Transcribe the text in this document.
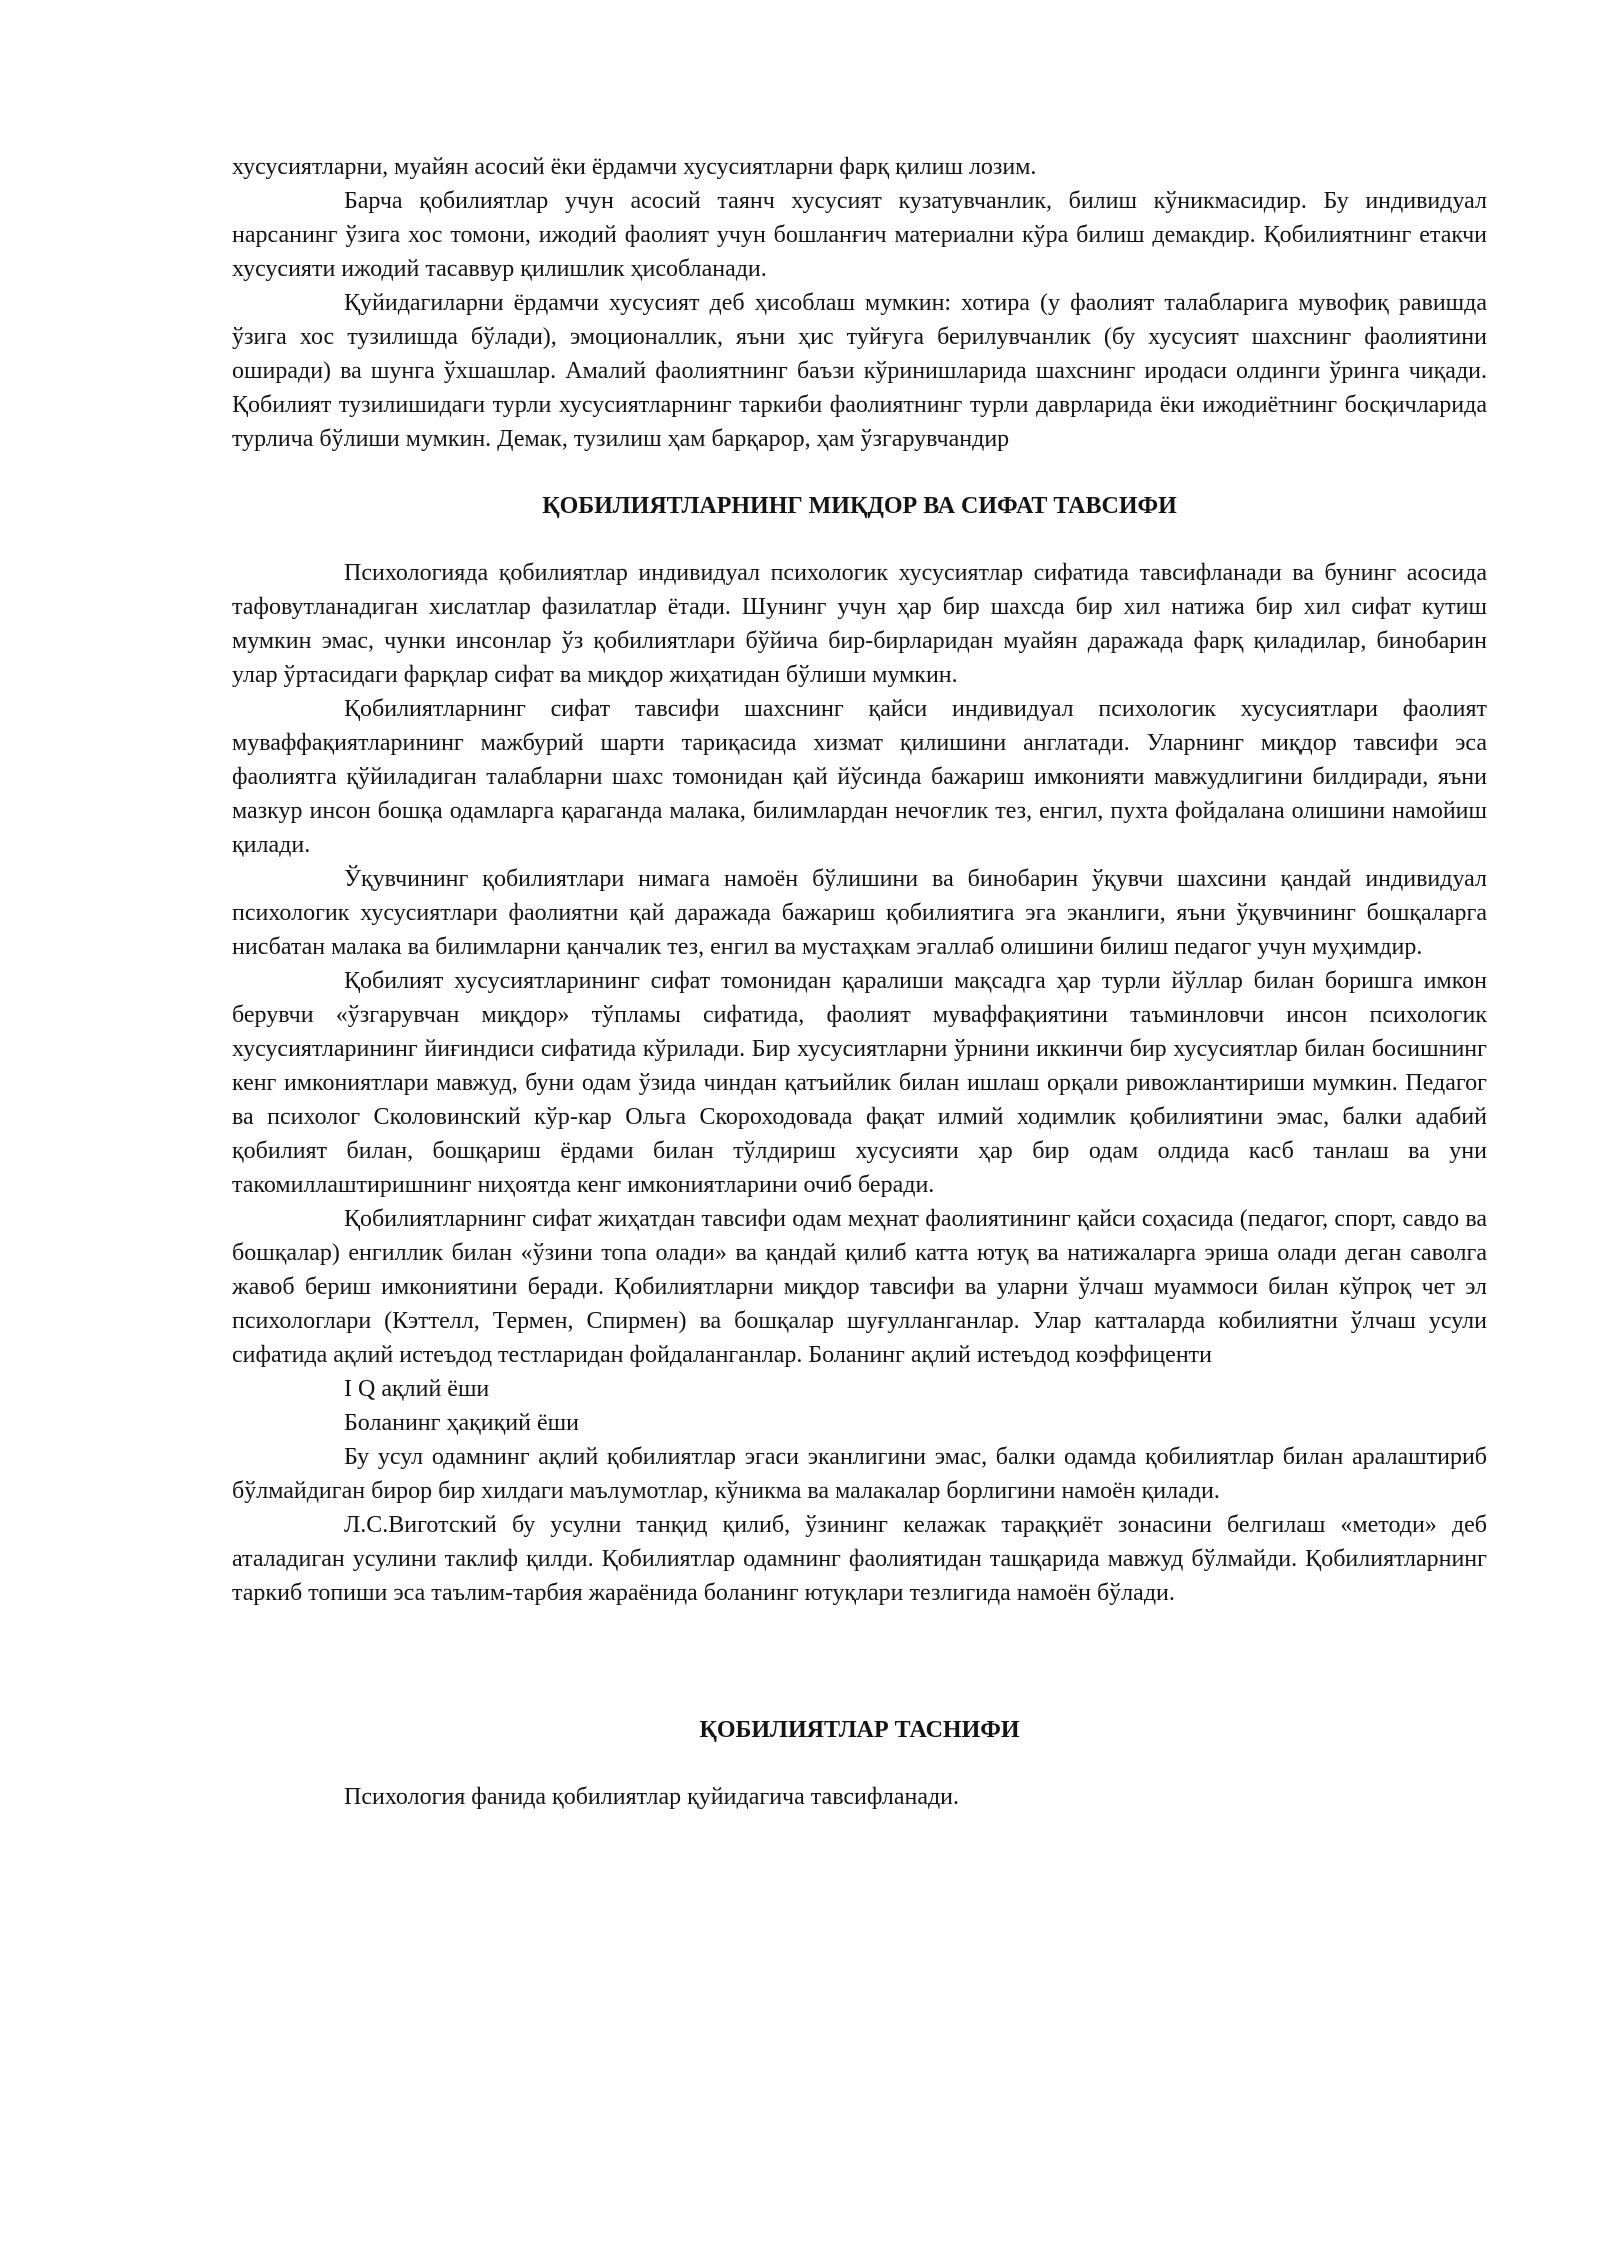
хусусиятларни, муайян асосий ёки ёрдамчи хусусиятларни фарқ қилиш лозим.

Барча қобилиятлар учун асосий таянч хусусият кузатувчанлик, билиш кўникмасидир. Бу индивидуал нарсанинг ўзига хос томони, ижодий фаолият учун бошланғич материални кўра билиш демакдир. Қобилиятнинг етакчи хусусияти ижодий тасаввур қилишлик ҳисобланади.

Қуйидагиларни ёрдамчи хусусият деб ҳисоблаш мумкин: хотира (у фаолият талабларига мувофиқ равишда ўзига хос тузилишда бўлади), эмоционаллик, яъни ҳис туйғуга берилувчанлик (бу хусусият шахснинг фаолиятини оширади) ва шунга ўхшашлар. Амалий фаолиятнинг баъзи кўринишларида шахснинг иродаси олдинги ўринга чиқади. Қобилият тузилишидаги турли хусусиятларнинг таркиби фаолиятнинг турли даврларида ёки ижодиётнинг босқичларида турлича бўлиши мумкин. Демак, тузилиш ҳам барқарор, ҳам ўзгарувчандир

ҚОБИЛИЯТЛАРНИНГ МИҚДОР ВА СИФАТ ТАВСИФИ

Психологияда қобилиятлар индивидуал психологик хусусиятлар сифатида тавсифланади ва бунинг асосида тафовутланадиган хислатлар фазилатлар ётади. Шунинг учун ҳар бир шахсда бир хил натижа бир хил сифат кутиш мумкин эмас, чунки инсонлар ўз қобилиятлари бўйича бир-бирларидан муайян даражада фарқ қиладилар, бинобарин улар ўртасидаги фарқлар сифат ва миқдор жиҳатидан бўлиши мумкин.

Қобилиятларнинг сифат тавсифи шахснинг қайси индивидуал психологик хусусиятлари фаолият муваффақиятларининг мажбурий шарти тариқасида хизмат қилишини англатади. Уларнинг миқдор тавсифи эса фаолиятга қўйиладиган талабларни шахс томонидан қай йўсинда бажариш имконияти мавжудлигини билдиради, яъни мазкур инсон бошқа одамларга қараганда малака, билимлардан нечоғлик тез, енгил, пухта фойдалана олишини намойиш қилади.

Ўқувчининг қобилиятлари нимага намоён бўлишини ва бинобарин ўқувчи шахсини қандай индивидуал психологик хусусиятлари фаолиятни қай даражада бажариш қобилиятига эга эканлиги, яъни ўқувчининг бошқаларга нисбатан малака ва билимларни қанчалик тез, енгил ва мустаҳкам эгаллаб олишини билиш педагог учун муҳимдир.

Қобилият хусусиятларининг сифат томонидан қаралиши мақсадга ҳар турли йўллар билан боришга имкон берувчи «ўзгарувчан миқдор» тўпламы сифатида, фаолият муваффақиятини таъминловчи инсон психологик хусусиятларининг йиғиндиси сифатида кўрилади. Бир хусусиятларни ўрнини иккинчи бир хусусиятлар билан босишнинг кенг имкониятлари мавжуд, буни одам ўзида чиндан қатъийлик билан ишлаш орқали ривожлантириши мумкин. Педагог ва психолог Сколовинский кўр-кар Ольга Скороходовада фақат илмий ходимлик қобилиятини эмас, балки адабий қобилият билан, бошқариш ёрдами билан тўлдириш хусусияти ҳар бир одам олдида касб танлаш ва уни такомиллаштиришнинг ниҳоятда кенг имкониятларини очиб беради.

Қобилиятларнинг сифат жиҳатдан тавсифи одам меҳнат фаолиятининг қайси соҳасида (педагог, спорт, савдо ва бошқалар) енгиллик билан «ўзини топа олади» ва қандай қилиб катта ютуқ ва натижаларга эриша олади деган саволга жавоб бериш имкониятини беради. Қобилиятларни миқдор тавсифи ва уларни ўлчаш муаммоси билан кўпроқ чет эл психологлари (Кэттелл, Термен, Спирмен) ва бошқалар шуғулланганлар. Улар катталарда кобилиятни ўлчаш усули сифатида ақлий истеъдод тестларидан фойдаланганлар. Боланинг ақлий истеъдод коэффиценти

I Q ақлий ёши

Боланинг ҳақиқий ёши

Бу усул одамнинг ақлий қобилиятлар эгаси эканлигини эмас, балки одамда қобилиятлар билан аралаштириб бўлмайдиган бирор бир хилдаги маълумотлар, кўникма ва малакалар борлигини намоён қилади.

Л.С.Виготский бу усулни танқид қилиб, ўзининг келажак тараққиёт зонасини белгилаш «методи» деб аталадиган усулини таклиф қилди. Қобилиятлар одамнинг фаолиятидан ташқарида мавжуд бўлмайди. Қобилиятларнинг таркиб топиши эса таълим-тарбия жараёнида боланинг ютуқлари тезлигида намоён бўлади.

ҚОБИЛИЯТЛАР ТАСНИФИ

Психология фанида қобилиятлар қуйидагича тавсифланади.
